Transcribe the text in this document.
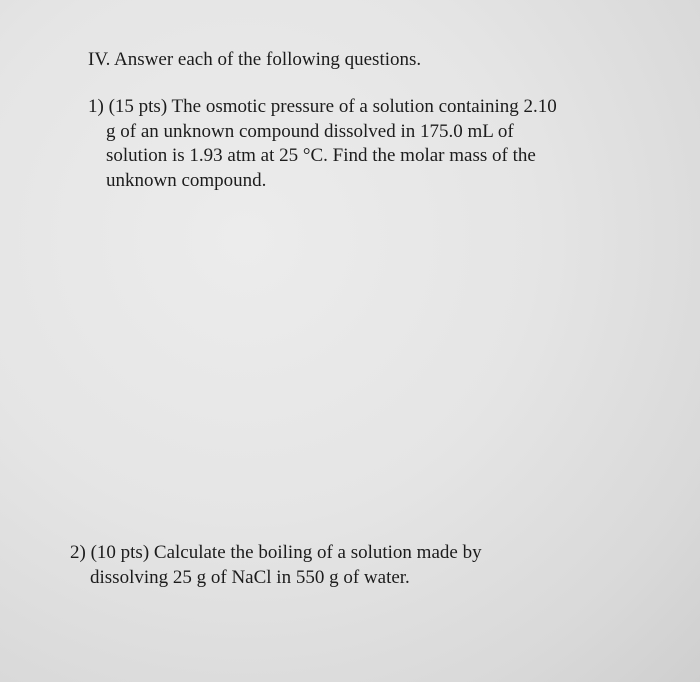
IV. Answer each of the following questions.
1) (15 pts) The osmotic pressure of a solution containing 2.10
g of an unknown compound dissolved in 175.0 mL of
solution is 1.93 atm at 25 °C. Find the molar mass of the
unknown compound.
2) (10 pts) Calculate the boiling of a solution made by
dissolving 25 g of NaCl in 550 g of water.
